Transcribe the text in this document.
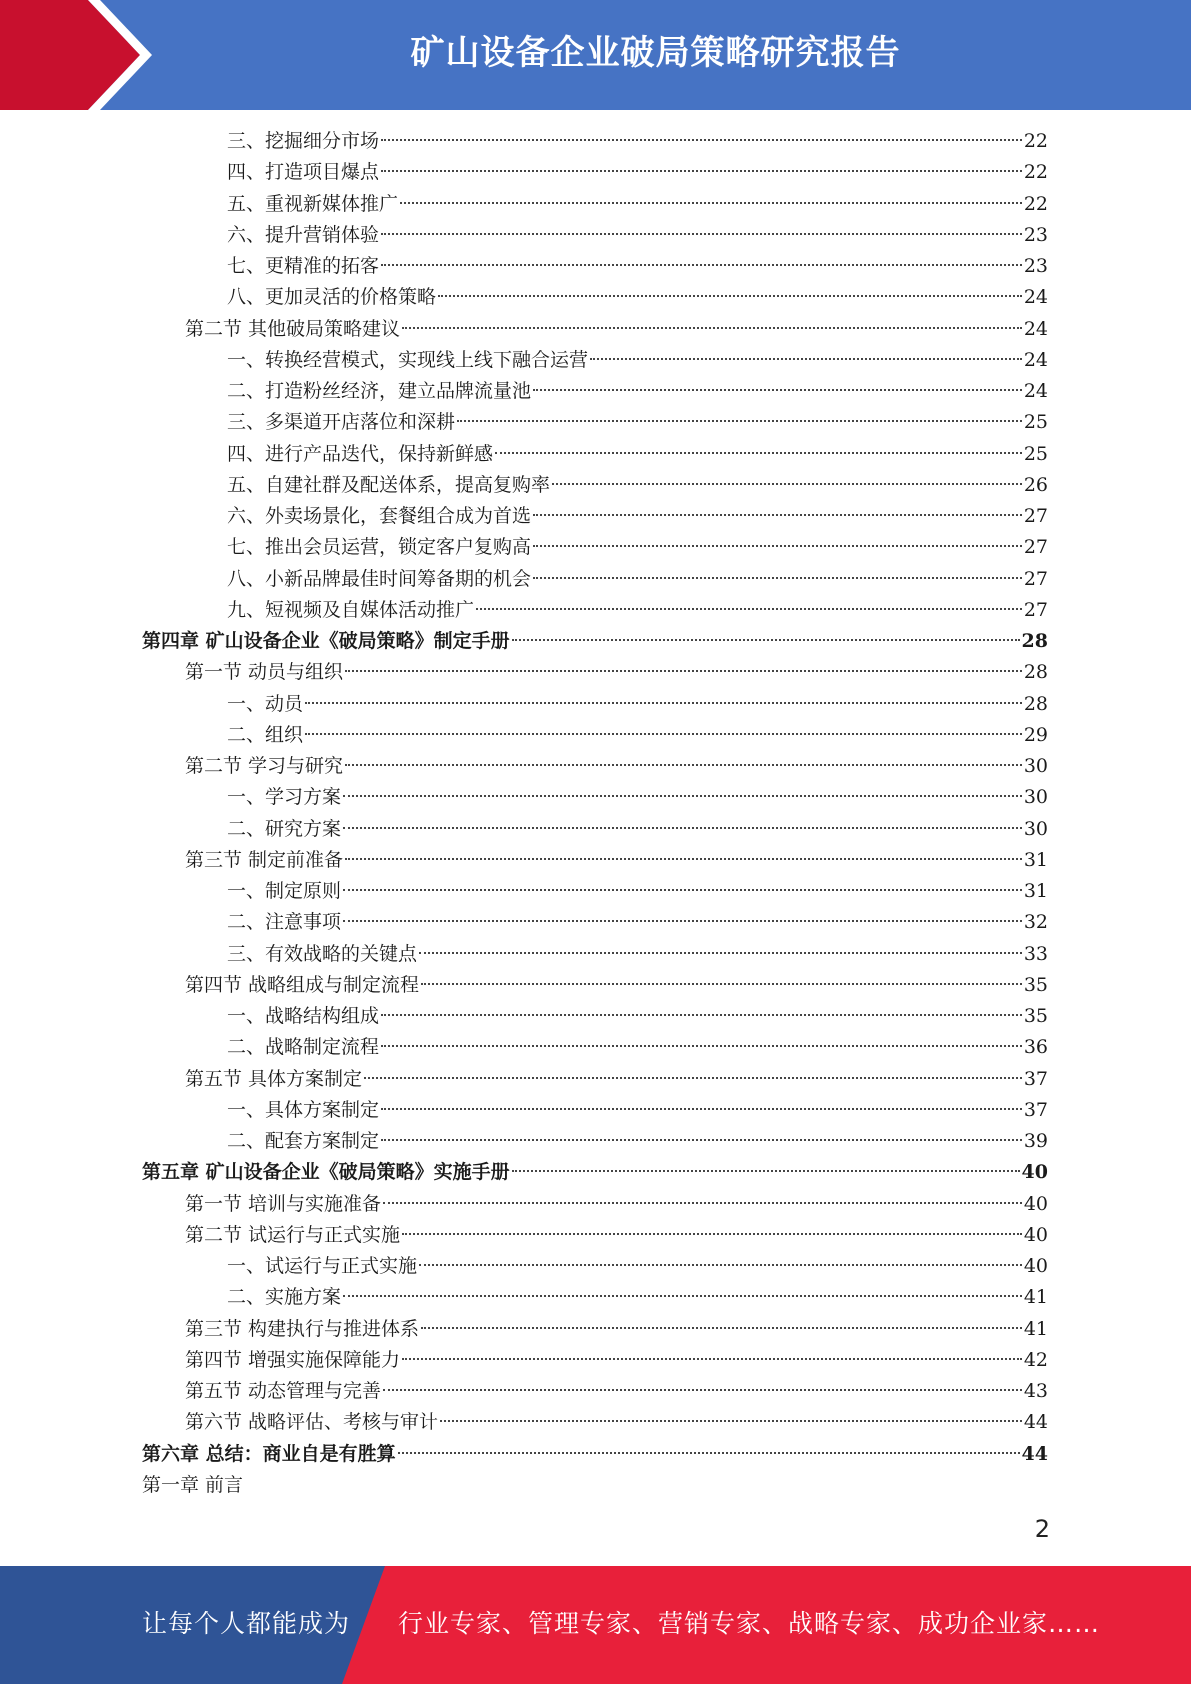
矿山设备企业破局策略研究报告
三、挖掘细分市场	22
四、打造项目爆点	22
五、重视新媒体推广	22
六、提升营销体验	23
七、更精准的拓客	23
八、更加灵活的价格策略	24
第二节 其他破局策略建议	24
一、转换经营模式，实现线上线下融合运营	24
二、打造粉丝经济，建立品牌流量池	24
三、多渠道开店落位和深耕	25
四、进行产品迭代，保持新鲜感	25
五、自建社群及配送体系，提高复购率	26
六、外卖场景化，套餐组合成为首选	27
七、推出会员运营，锁定客户复购高	27
八、小新品牌最佳时间筹备期的机会	27
九、短视频及自媒体活动推广	27
第四章 矿山设备企业《破局策略》制定手册	28
第一节 动员与组织	28
一、动员	28
二、组织	29
第二节 学习与研究	30
一、学习方案	30
二、研究方案	30
第三节 制定前准备	31
一、制定原则	31
二、注意事项	32
三、有效战略的关键点	33
第四节 战略组成与制定流程	35
一、战略结构组成	35
二、战略制定流程	36
第五节 具体方案制定	37
一、具体方案制定	37
二、配套方案制定	39
第五章 矿山设备企业《破局策略》实施手册	40
第一节 培训与实施准备	40
第二节 试运行与正式实施	40
一、试运行与正式实施	40
二、实施方案	41
第三节 构建执行与推进体系	41
第四节 增强实施保障能力	42
第五节 动态管理与完善	43
第六节 战略评估、考核与审计	44
第六章 总结：商业自是有胜算	44
第一章 前言
2
让每个人都能成为 行业专家、管理专家、营销专家、战略专家、成功企业家……
